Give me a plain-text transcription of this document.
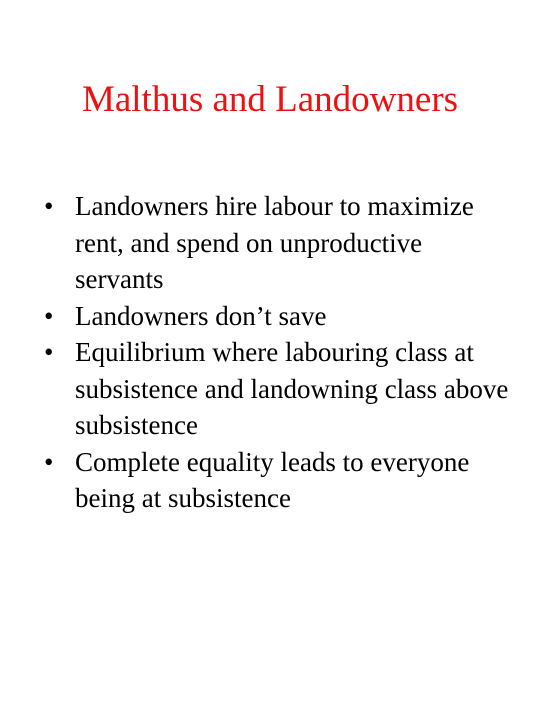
Malthus and Landowners
• Landowners hire labour to maximize rent, and spend on unproductive servants
• Landowners don’t save
• Equilibrium where labouring class at subsistence and landowning class above subsistence
• Complete equality leads to everyone being at subsistence
